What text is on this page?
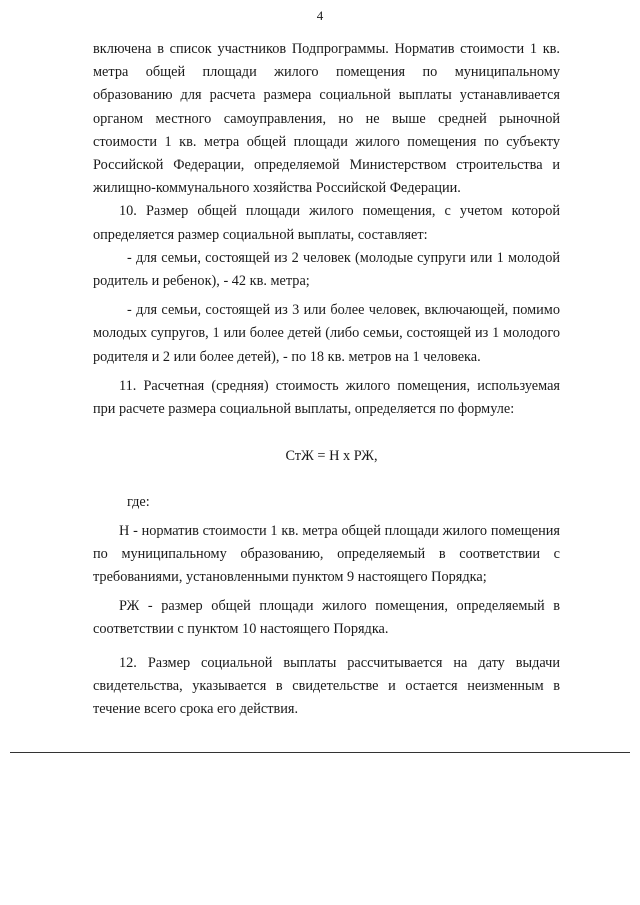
4

включена в список участников Подпрограммы. Норматив стоимости 1 кв. метра общей площади жилого помещения по муниципальному образованию для расчета размера социальной выплаты устанавливается органом местного самоуправления, но не выше средней рыночной стоимости 1 кв. метра общей площади жилого помещения по субъекту Российской Федерации, определяемой Министерством строительства и жилищно-коммунального хозяйства Российской Федерации.

10. Размер общей площади жилого помещения, с учетом которой определяется размер социальной выплаты, составляет:

- для семьи, состоящей из 2 человек (молодые супруги или 1 молодой родитель и ребенок), - 42 кв. метра;

- для семьи, состоящей из 3 или более человек, включающей, помимо молодых супругов, 1 или более детей (либо семьи, состоящей из 1 молодого родителя и 2 или более детей), - по 18 кв. метров на 1 человека.

11. Расчетная (средняя) стоимость жилого помещения, используемая при расчете размера социальной выплаты, определяется по формуле:

СтЖ = Н х РЖ,

где:

Н - норматив стоимости 1 кв. метра общей площади жилого помещения по муниципальному образованию, определяемый в соответствии с требованиями, установленными пунктом 9 настоящего Порядка;

РЖ - размер общей площади жилого помещения, определяемый в соответствии с пунктом 10 настоящего Порядка.

12. Размер социальной выплаты рассчитывается на дату выдачи свидетельства, указывается в свидетельстве и остается неизменным в течение всего срока его действия.
